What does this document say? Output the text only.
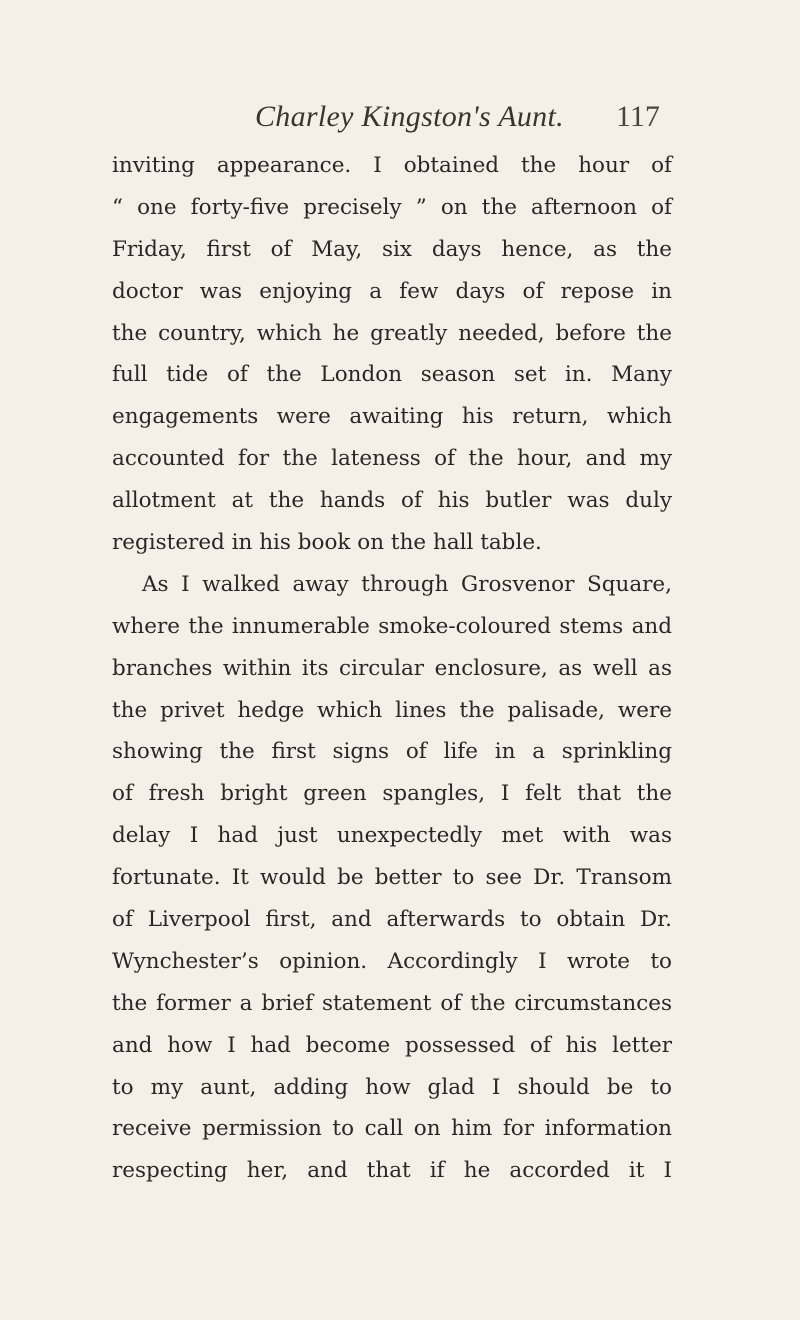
Charley Kingston's Aunt. 117
inviting appearance. I obtained the hour of
“ one forty-five precisely ” on the afternoon of
Friday, first of May, six days hence, as the
doctor was enjoying a few days of repose in
the country, which he greatly needed, before the
full tide of the London season set in. Many
engagements were awaiting his return, which
accounted for the lateness of the hour, and my
allotment at the hands of his butler was duly
registered in his book on the hall table.
As I walked away through Grosvenor Square,
where the innumerable smoke-coloured stems and
branches within its circular enclosure, as well as
the privet hedge which lines the palisade, were
showing the first signs of life in a sprinkling
of fresh bright green spangles, I felt that the
delay I had just unexpectedly met with was
fortunate. It would be better to see Dr. Transom
of Liverpool first, and afterwards to obtain Dr.
Wynchester’s opinion. Accordingly I wrote to
the former a brief statement of the circumstances
and how I had become possessed of his letter
to my aunt, adding how glad I should be to
receive permission to call on him for information
respecting her, and that if he accorded it I
